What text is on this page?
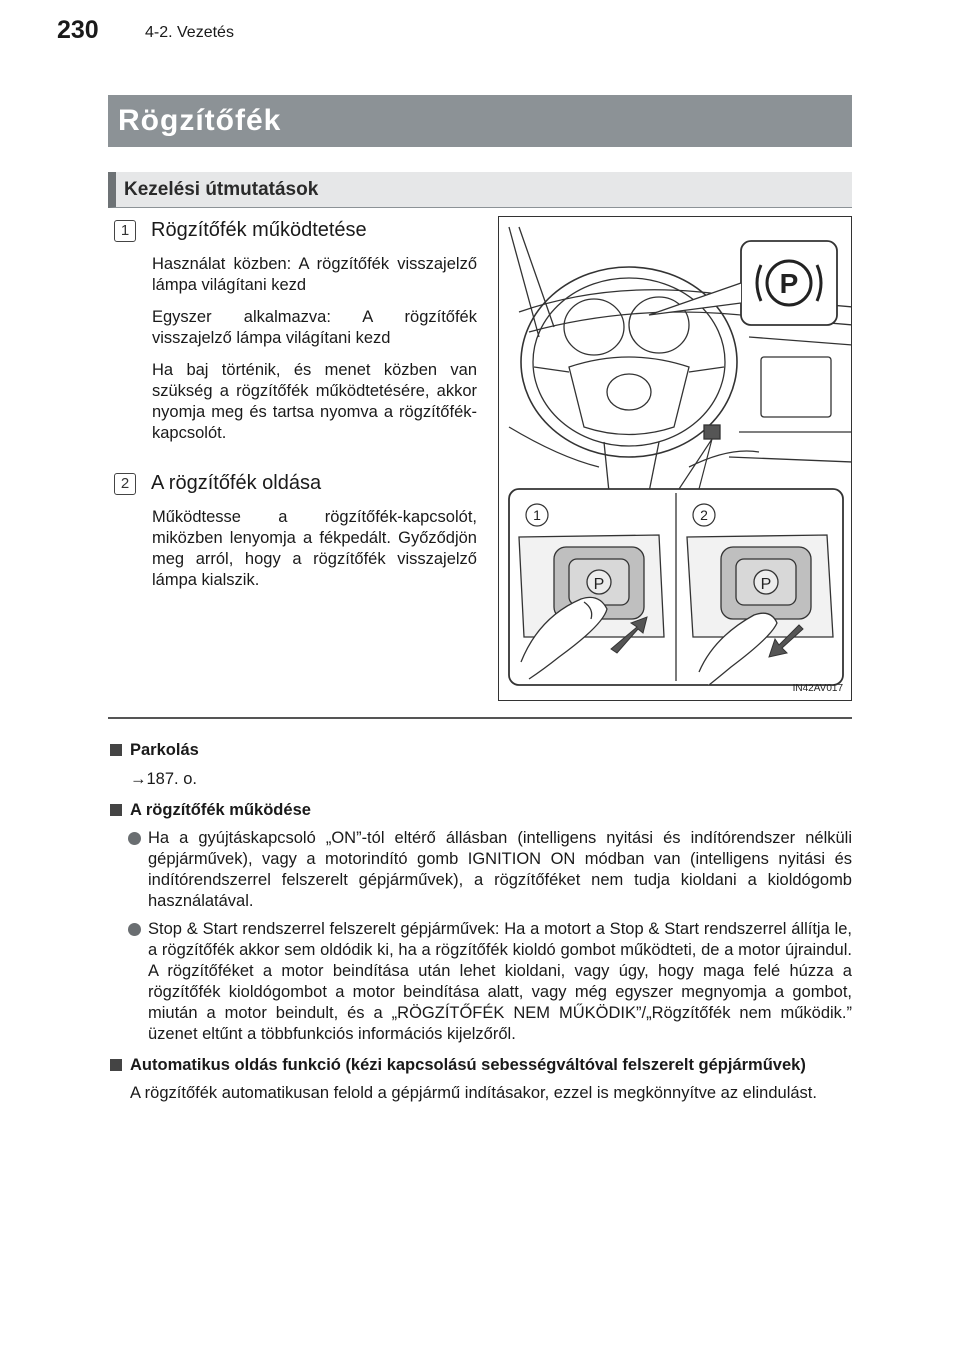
230	4-2. Vezetés
Rögzítőfék
Kezelési útmutatások
1	Rögzítőfék működtetése

Használat közben: A rögzítőfék visszajelző lámpa világítani kezd

Egyszer alkalmazva: A rögzítőfék visszajelző lámpa világítani kezd

Ha baj történik, és menet közben van szükség a rögzítőfék működtetésére, akkor nyomja meg és tartsa nyomva a rögzítőfék-kapcsolót.

2	A rögzítőfék oldása

Működtesse a rögzítőfék-kapcsolót, miközben lenyomja a fékpedált. Győződjön meg arról, hogy a rögzítőfék visszajelző lámpa kialszik.

P
P	P
1	2
IN42AV017
Parkolás
→187. o.
A rögzítőfék működése
Ha a gyújtáskapcsoló „ON”-tól eltérő állásban (intelligens nyitási és indítórendszer nélküli gépjárművek), vagy a motorindító gomb IGNITION ON módban van (intelligens nyitási és indítórendszerrel felszerelt gépjárművek), a rögzítőféket nem tudja kioldani a kioldógomb használatával.
Stop & Start rendszerrel felszerelt gépjárművek: Ha a motort a Stop & Start rendszerrel állítja le, a rögzítőfék akkor sem oldódik ki, ha a rögzítőfék kioldó gombot működteti, de a motor újraindul. A rögzítőféket a motor beindítása után lehet kioldani, vagy úgy, hogy maga felé húzza a rögzítőfék kioldógombot a motor beindítása alatt, vagy még egyszer megnyomja a gombot, miután a motor beindult, és a „RÖGZÍTŐFÉK NEM MŰKÖDIK”/„Rögzítőfék nem működik.” üzenet eltűnt a többfunkciós információs kijelzőről.
Automatikus oldás funkció (kézi kapcsolású sebességváltóval felszerelt gépjárművek)
A rögzítőfék automatikusan felold a gépjármű indításakor, ezzel is megkönnyítve az elindulást.
